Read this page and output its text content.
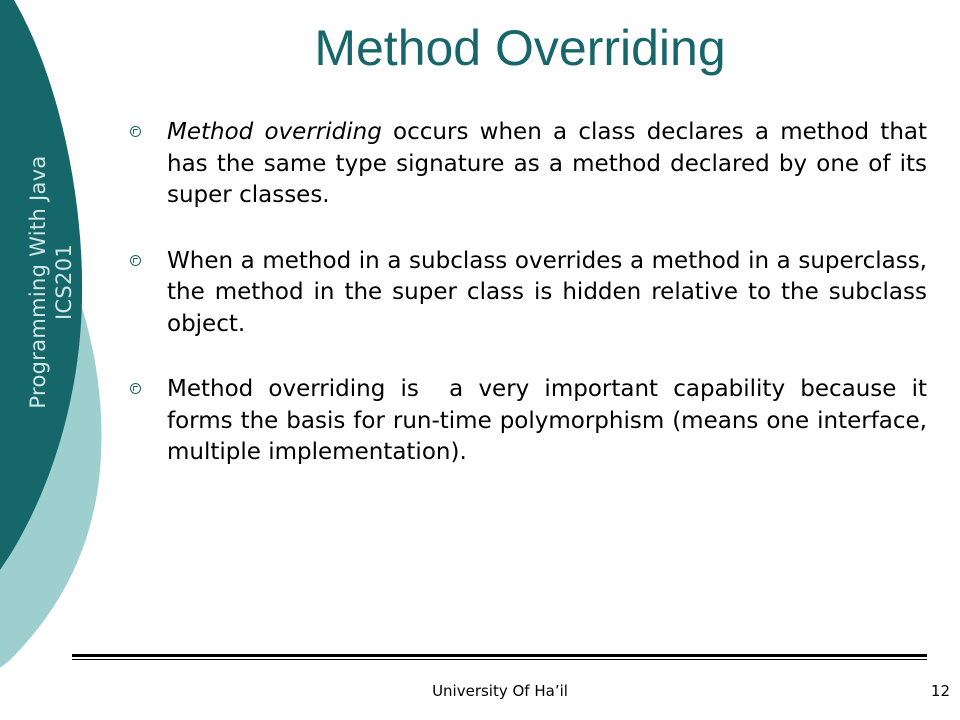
Programming With Java ICS201
Method Overriding
Method overriding occurs when a class declares a method that has the same type signature as a method declared by one of its super classes.
When a method in a subclass overrides a method in a superclass, the method in the super class is hidden relative to the subclass object.
Method overriding is  a very important capability because it forms the basis for run-time polymorphism (means one interface, multiple implementation).
University Of Ha’il	12
